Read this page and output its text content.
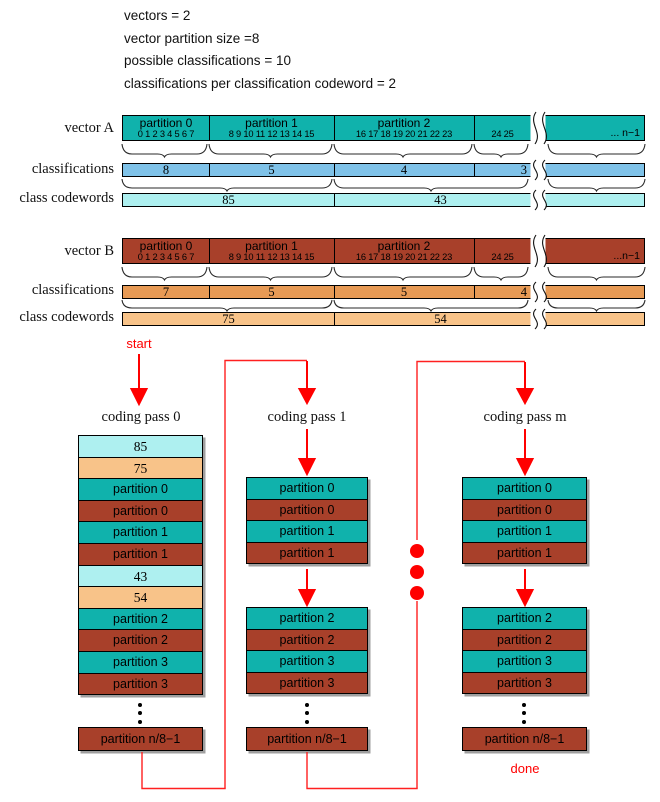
vectors = 2
vector partition size =8
possible classifications = 10
classifications per classification codeword = 2
vector A	partition 0	partition 1	partition 2
0 1 2 3 4 5 6 7	8 9 10 11 12 13 14 15	16 17 18 19 20 21 22 23	24 25	... n−1
classifications	8	5	4	3
class codewords	85	43
vector B	partition 0	partition 1	partition 2
0 1 2 3 4 5 6 7	8 9 10 11 12 13 14 15	16 17 18 19 20 21 22 23	24 25	...n−1
classifications	7	5	5	4
class codewords	75	54
start
coding pass 0	coding pass 1	coding pass m
done
85
75
partition 0
partition 0
partition 1
partition 1
43
54
partition 2
partition 2
partition 3
partition 3
partition n/8−1
partition 0
partition 0
partition 1
partition 1
partition 2
partition 2
partition 3
partition 3
partition n/8−1
partition 0
partition 0
partition 1
partition 1
partition 2
partition 2
partition 3
partition 3
partition n/8−1
